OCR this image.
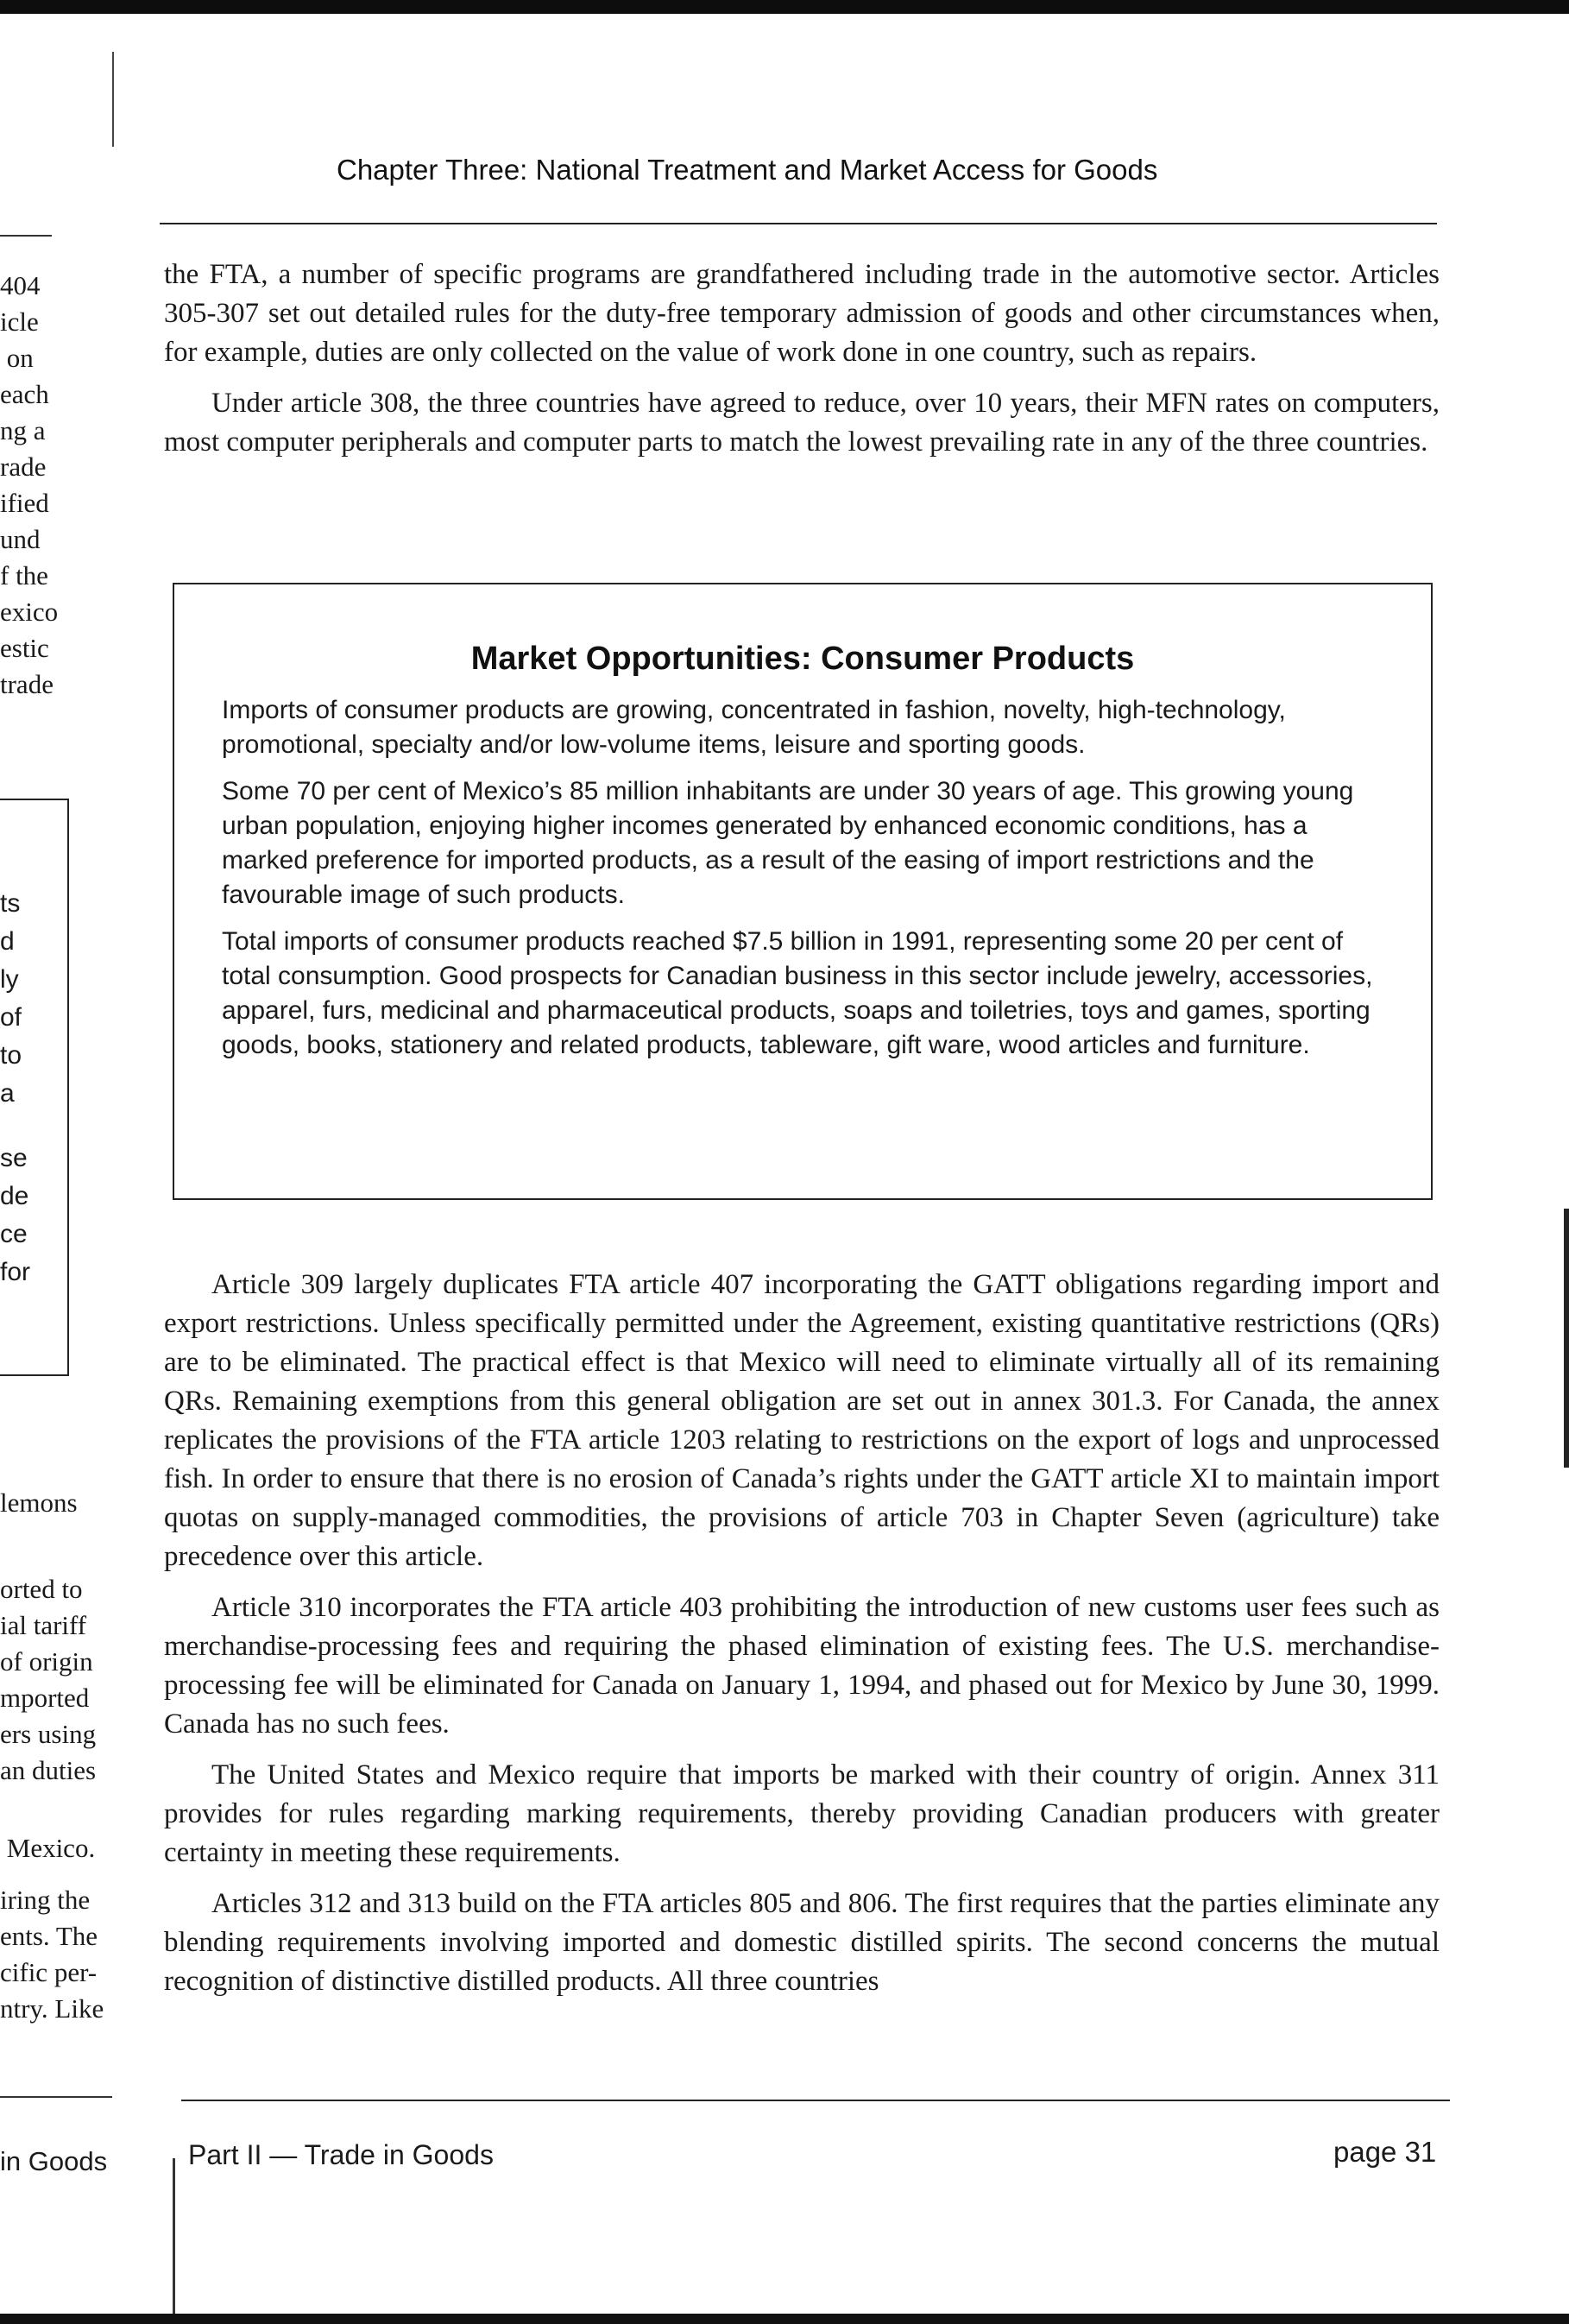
Chapter Three: National Treatment and Market Access for Goods

the FTA, a number of specific programs are grandfathered including trade in the automotive sector. Articles 305-307 set out detailed rules for the duty-free temporary admission of goods and other circumstances when, for example, duties are only collected on the value of work done in one country, such as repairs.

Under article 308, the three countries have agreed to reduce, over 10 years, their MFN rates on computers, most computer peripherals and computer parts to match the lowest prevailing rate in any of the three countries.

Market Opportunities: Consumer Products

Imports of consumer products are growing, concentrated in fashion, novelty, high-technology, promotional, specialty and/or low-volume items, leisure and sporting goods.

Some 70 per cent of Mexico’s 85 million inhabitants are under 30 years of age. This growing young urban population, enjoying higher incomes generated by enhanced economic conditions, has a marked preference for imported products, as a result of the easing of import restrictions and the favourable image of such products.

Total imports of consumer products reached $7.5 billion in 1991, representing some 20 per cent of total consumption. Good prospects for Canadian business in this sector include jewelry, accessories, apparel, furs, medicinal and pharmaceutical products, soaps and toiletries, toys and games, sporting goods, books, stationery and related products, tableware, gift ware, wood articles and furniture.

Article 309 largely duplicates FTA article 407 incorporating the GATT obligations regarding import and export restrictions. Unless specifically permitted under the Agreement, existing quantitative restrictions (QRs) are to be eliminated. The practical effect is that Mexico will need to eliminate virtually all of its remaining QRs. Remaining exemptions from this general obligation are set out in annex 301.3. For Canada, the annex replicates the provisions of the FTA article 1203 relating to restrictions on the export of logs and unprocessed fish. In order to ensure that there is no erosion of Canada’s rights under the GATT article XI to maintain import quotas on supply-managed commodities, the provisions of article 703 in Chapter Seven (agriculture) take precedence over this article.

Article 310 incorporates the FTA article 403 prohibiting the introduction of new customs user fees such as merchandise-processing fees and requiring the phased elimination of existing fees. The U.S. merchandise-processing fee will be eliminated for Canada on January 1, 1994, and phased out for Mexico by June 30, 1999. Canada has no such fees.

The United States and Mexico require that imports be marked with their country of origin. Annex 311 provides for rules regarding marking requirements, thereby providing Canadian producers with greater certainty in meeting these requirements.

Articles 312 and 313 build on the FTA articles 805 and 806. The first requires that the parties eliminate any blending requirements involving imported and domestic distilled spirits. The second concerns the mutual recognition of distinctive distilled products. All three countries

404
icle
on
each
ng a
rade
ified
und
f the
exico
estic
trade
ts
d
ly
of
to
a
se
de
ce
for
lemons
orted to
ial tariff
of origin
mported
ers using
an duties
Mexico.
iring the
ents. The
cific per-
ntry. Like
in Goods	Part II — Trade in Goods	page 31
